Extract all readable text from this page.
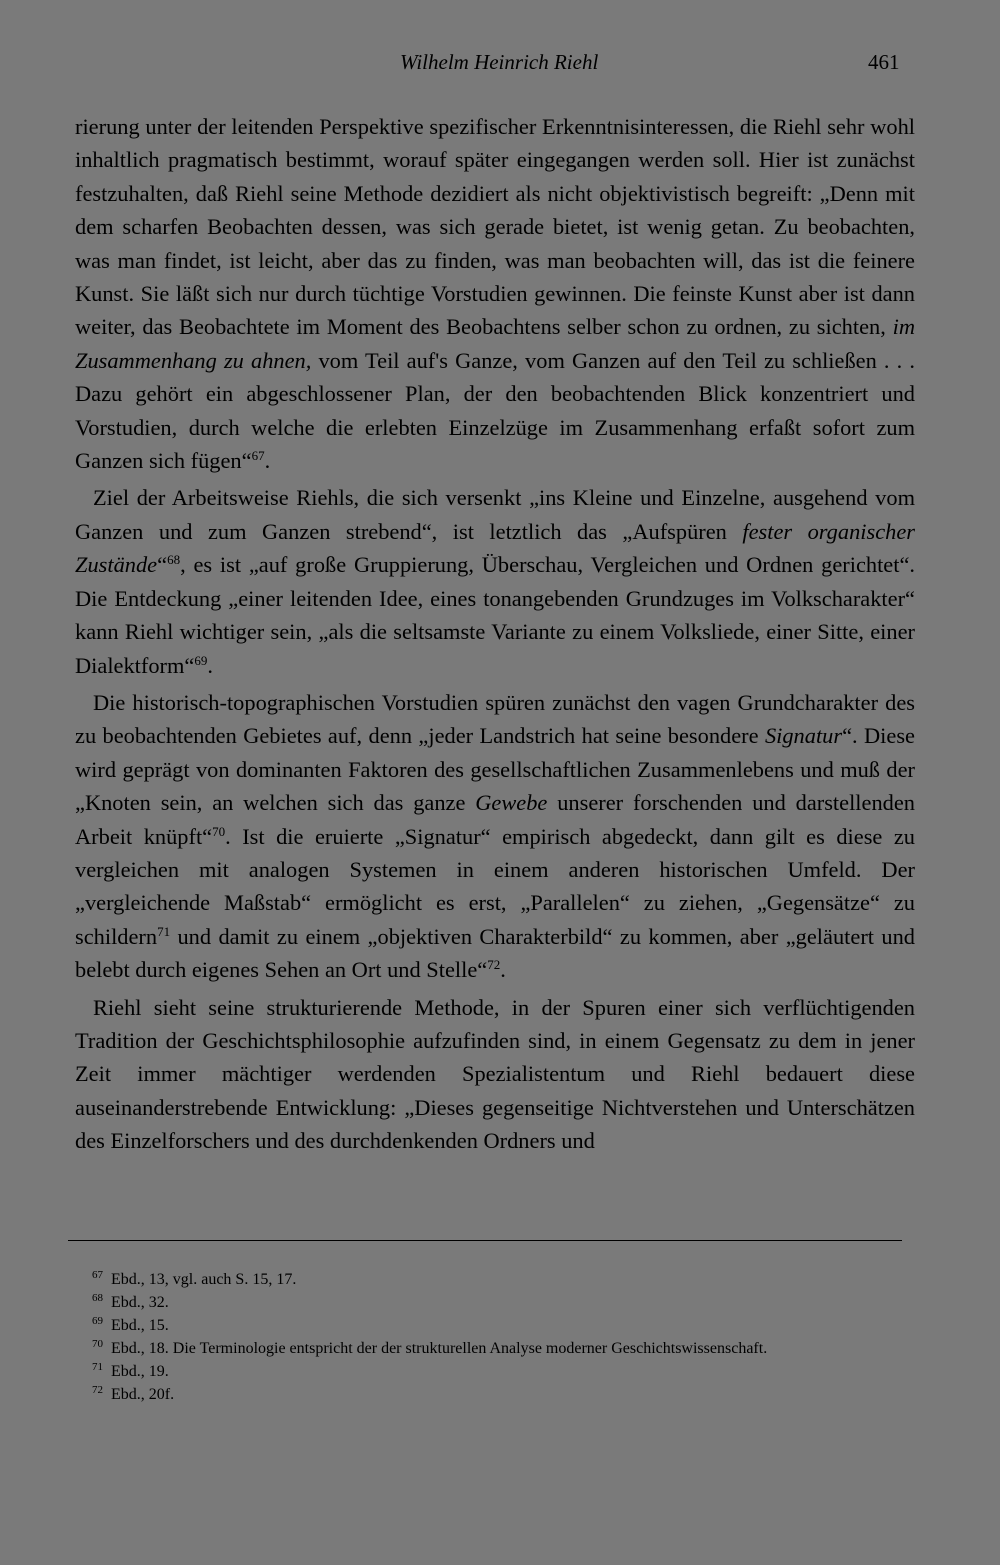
Wilhelm Heinrich Riehl	461

rierung unter der leitenden Perspektive spezifischer Erkenntnisinteressen, die Riehl sehr wohl inhaltlich pragmatisch bestimmt, worauf später eingegangen werden soll. Hier ist zunächst festzuhalten, daß Riehl seine Methode dezidiert als nicht objektivistisch begreift: „Denn mit dem scharfen Beobachten dessen, was sich gerade bietet, ist wenig getan. Zu beobachten, was man findet, ist leicht, aber das zu finden, was man beobachten will, das ist die feinere Kunst. Sie läßt sich nur durch tüchtige Vorstudien gewinnen. Die feinste Kunst aber ist dann weiter, das Beobachtete im Moment des Beobachtens selber schon zu ordnen, zu sichten, im Zusammenhang zu ahnen, vom Teil auf's Ganze, vom Ganzen auf den Teil zu schließen . . . Dazu gehört ein abgeschlossener Plan, der den beobachtenden Blick konzentriert und Vorstudien, durch welche die erlebten Einzelzüge im Zusammenhang erfaßt sofort zum Ganzen sich fügen“$^{67}$.

Ziel der Arbeitsweise Riehls, die sich versenkt „ins Kleine und Einzelne, ausgehend vom Ganzen und zum Ganzen strebend“, ist letztlich das „Aufspüren fester organischer Zustände“$^{68}$, es ist „auf große Gruppierung, Überschau, Vergleichen und Ordnen gerichtet“. Die Entdeckung „einer leitenden Idee, eines tonangebenden Grundzuges im Volkscharakter“ kann Riehl wichtiger sein, „als die seltsamste Variante zu einem Volksliede, einer Sitte, einer Dialektform“$^{69}$.

Die historisch-topographischen Vorstudien spüren zunächst den vagen Grundcharakter des zu beobachtenden Gebietes auf, denn „jeder Landstrich hat seine besondere Signatur“. Diese wird geprägt von dominanten Faktoren des gesellschaftlichen Zusammenlebens und muß der „Knoten sein, an welchen sich das ganze Gewebe unserer forschenden und darstellenden Arbeit knüpft“$^{70}$. Ist die eruierte „Signatur“ empirisch abgedeckt, dann gilt es diese zu vergleichen mit analogen Systemen in einem anderen historischen Umfeld. Der „vergleichende Maßstab“ ermöglicht es erst, „Parallelen“ zu ziehen, „Gegensätze“ zu schildern$^{71}$ und damit zu einem „objektiven Charakterbild“ zu kommen, aber „geläutert und belebt durch eigenes Sehen an Ort und Stelle“$^{72}$.

Riehl sieht seine strukturierende Methode, in der Spuren einer sich verflüchtigenden Tradition der Geschichtsphilosophie aufzufinden sind, in einem Gegensatz zu dem in jener Zeit immer mächtiger werdenden Spezialistentum und Riehl bedauert diese auseinanderstrebende Entwicklung: „Dieses gegenseitige Nichtverstehen und Unterschätzen des Einzelforschers und des durchdenkenden Ordners und

67 Ebd., 13, vgl. auch S. 15, 17.

68 Ebd., 32.

69 Ebd., 15.

70 Ebd., 18. Die Terminologie entspricht der der strukturellen Analyse moderner Geschichtswissenschaft.

71 Ebd., 19.

72 Ebd., 20f.
